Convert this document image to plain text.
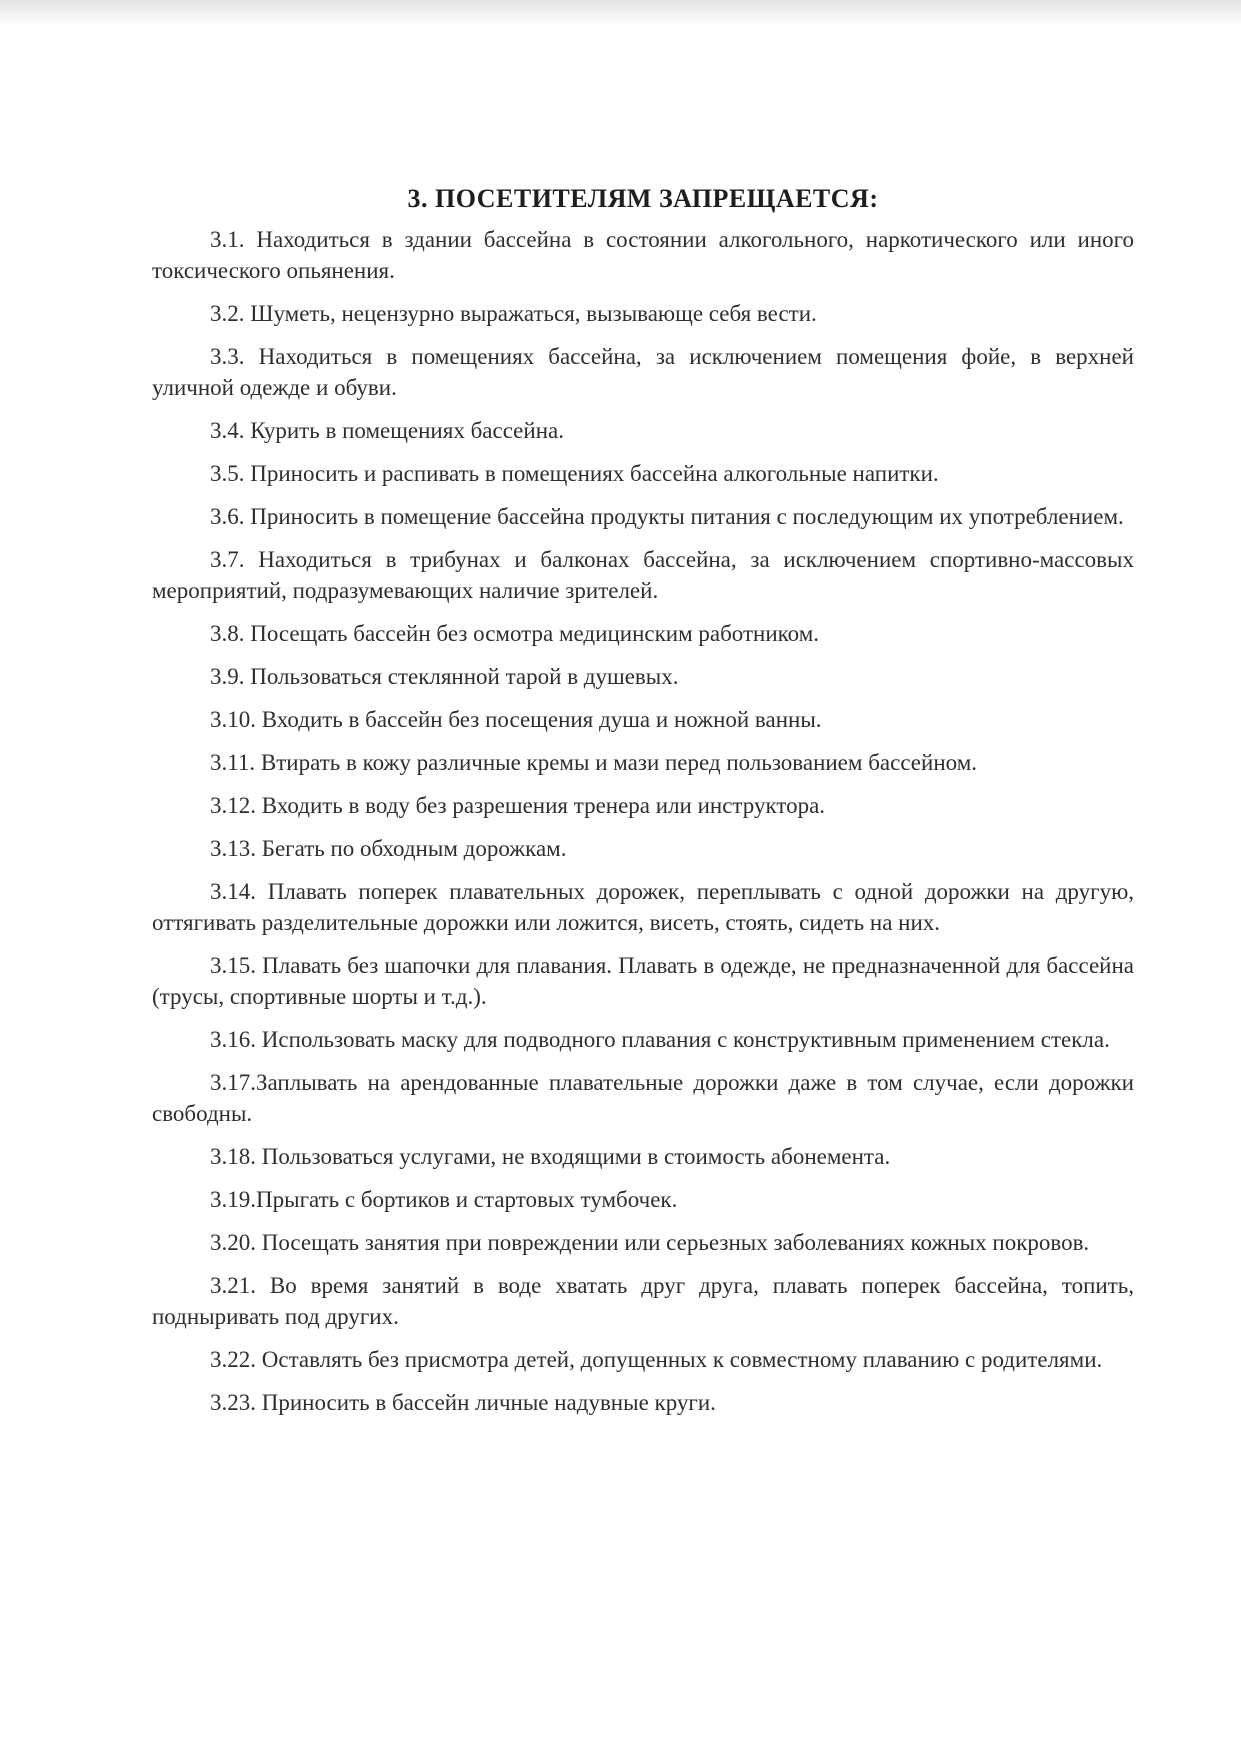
3. ПОСЕТИТЕЛЯМ ЗАПРЕЩАЕТСЯ:

3.1. Находиться в здании бассейна в состоянии алкогольного, наркотического или иного токсического опьянения.

3.2. Шуметь, нецензурно выражаться, вызывающе себя вести.

3.3. Находиться в помещениях бассейна, за исключением помещения фойе, в верхней уличной одежде и обуви.

3.4. Курить в помещениях бассейна.

3.5. Приносить и распивать в помещениях бассейна алкогольные напитки.

3.6. Приносить в помещение бассейна продукты питания с последующим их употреблением.

3.7. Находиться в трибунах и балконах бассейна, за исключением спортивно-массовых мероприятий, подразумевающих наличие зрителей.

3.8. Посещать бассейн без осмотра медицинским работником.

3.9. Пользоваться стеклянной тарой в душевых.

3.10. Входить в бассейн без посещения душа и ножной ванны.

3.11. Втирать в кожу различные кремы и мази перед пользованием бассейном.

3.12. Входить в воду без разрешения тренера или инструктора.

3.13. Бегать по обходным дорожкам.

3.14. Плавать поперек плавательных дорожек, переплывать с одной дорожки на другую, оттягивать разделительные дорожки или ложится, висеть, стоять, сидеть на них.

3.15. Плавать без шапочки для плавания. Плавать в одежде, не предназначенной для бассейна (трусы, спортивные шорты и т.д.).

3.16. Использовать маску для подводного плавания с конструктивным применением стекла.

3.17.Заплывать на арендованные плавательные дорожки даже в том случае, если дорожки свободны.

3.18. Пользоваться услугами, не входящими в стоимость абонемента.

3.19.Прыгать с бортиков и стартовых тумбочек.

3.20. Посещать занятия при повреждении или серьезных заболеваниях кожных покровов.

3.21. Во время занятий в воде хватать друг друга, плавать поперек бассейна, топить, подныривать под других.

3.22. Оставлять без присмотра детей, допущенных к совместному плаванию с родителями.

3.23. Приносить в бассейн личные надувные круги.
